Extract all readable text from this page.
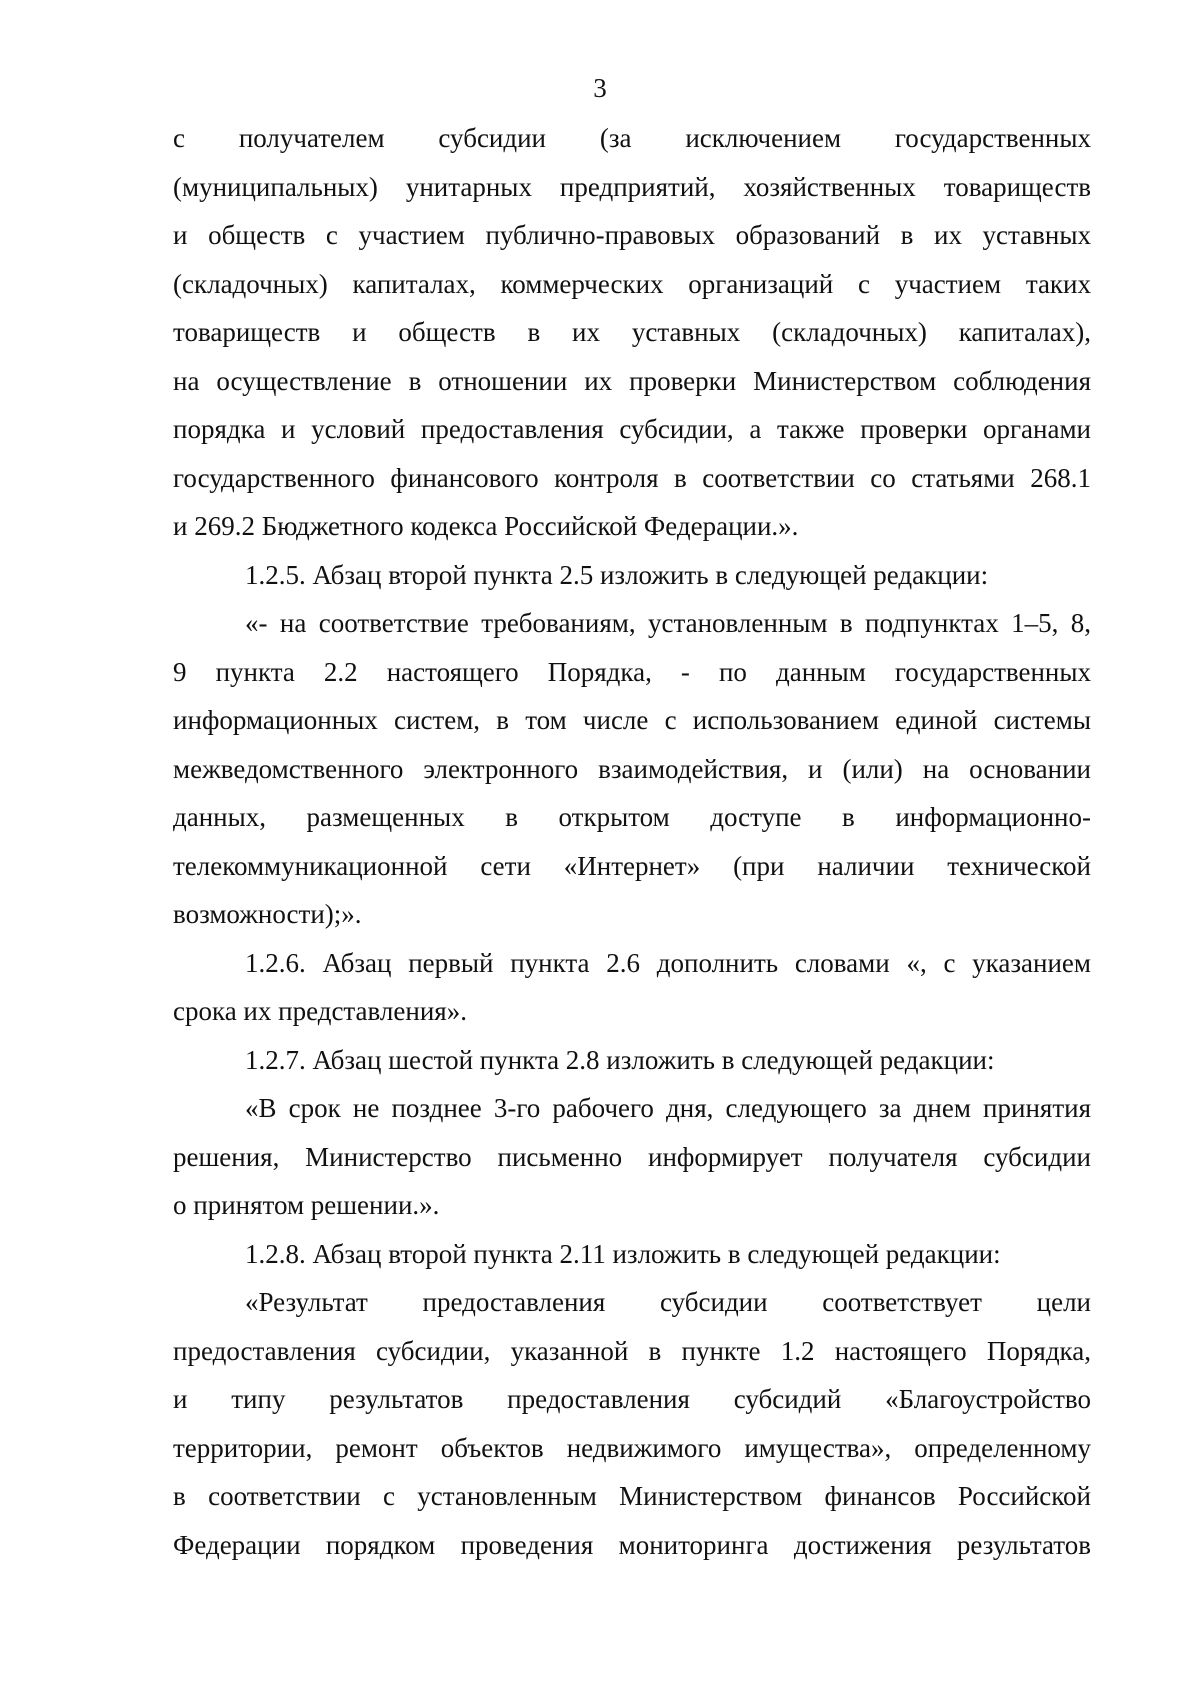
3
с получателем субсидии (за исключением государственных
(муниципальных) унитарных предприятий, хозяйственных товариществ
и обществ с участием публично-правовых образований в их уставных
(складочных) капиталах, коммерческих организаций с участием таких
товариществ и обществ в их уставных (складочных) капиталах),
на осуществление в отношении их проверки Министерством соблюдения
порядка и условий предоставления субсидии, а также проверки органами
государственного финансового контроля в соответствии со статьями 268.1
и 269.2 Бюджетного кодекса Российской Федерации.».
1.2.5. Абзац второй пункта 2.5 изложить в следующей редакции:
«- на соответствие требованиям, установленным в подпунктах 1–5, 8,
9 пункта 2.2 настоящего Порядка, - по данным государственных
информационных систем, в том числе с использованием единой системы
межведомственного электронного взаимодействия, и (или) на основании
данных, размещенных в открытом доступе в информационно-
телекоммуникационной сети «Интернет» (при наличии технической
возможности);».
1.2.6. Абзац первый пункта 2.6 дополнить словами «, с указанием
срока их представления».
1.2.7. Абзац шестой пункта 2.8 изложить в следующей редакции:
«В срок не позднее 3-го рабочего дня, следующего за днем принятия
решения, Министерство письменно информирует получателя субсидии
о принятом решении.».
1.2.8. Абзац второй пункта 2.11 изложить в следующей редакции:
«Результат предоставления субсидии соответствует цели
предоставления субсидии, указанной в пункте 1.2 настоящего Порядка,
и типу результатов предоставления субсидий «Благоустройство
территории, ремонт объектов недвижимого имущества», определенному
в соответствии с установленным Министерством финансов Российской
Федерации порядком проведения мониторинга достижения результатов
